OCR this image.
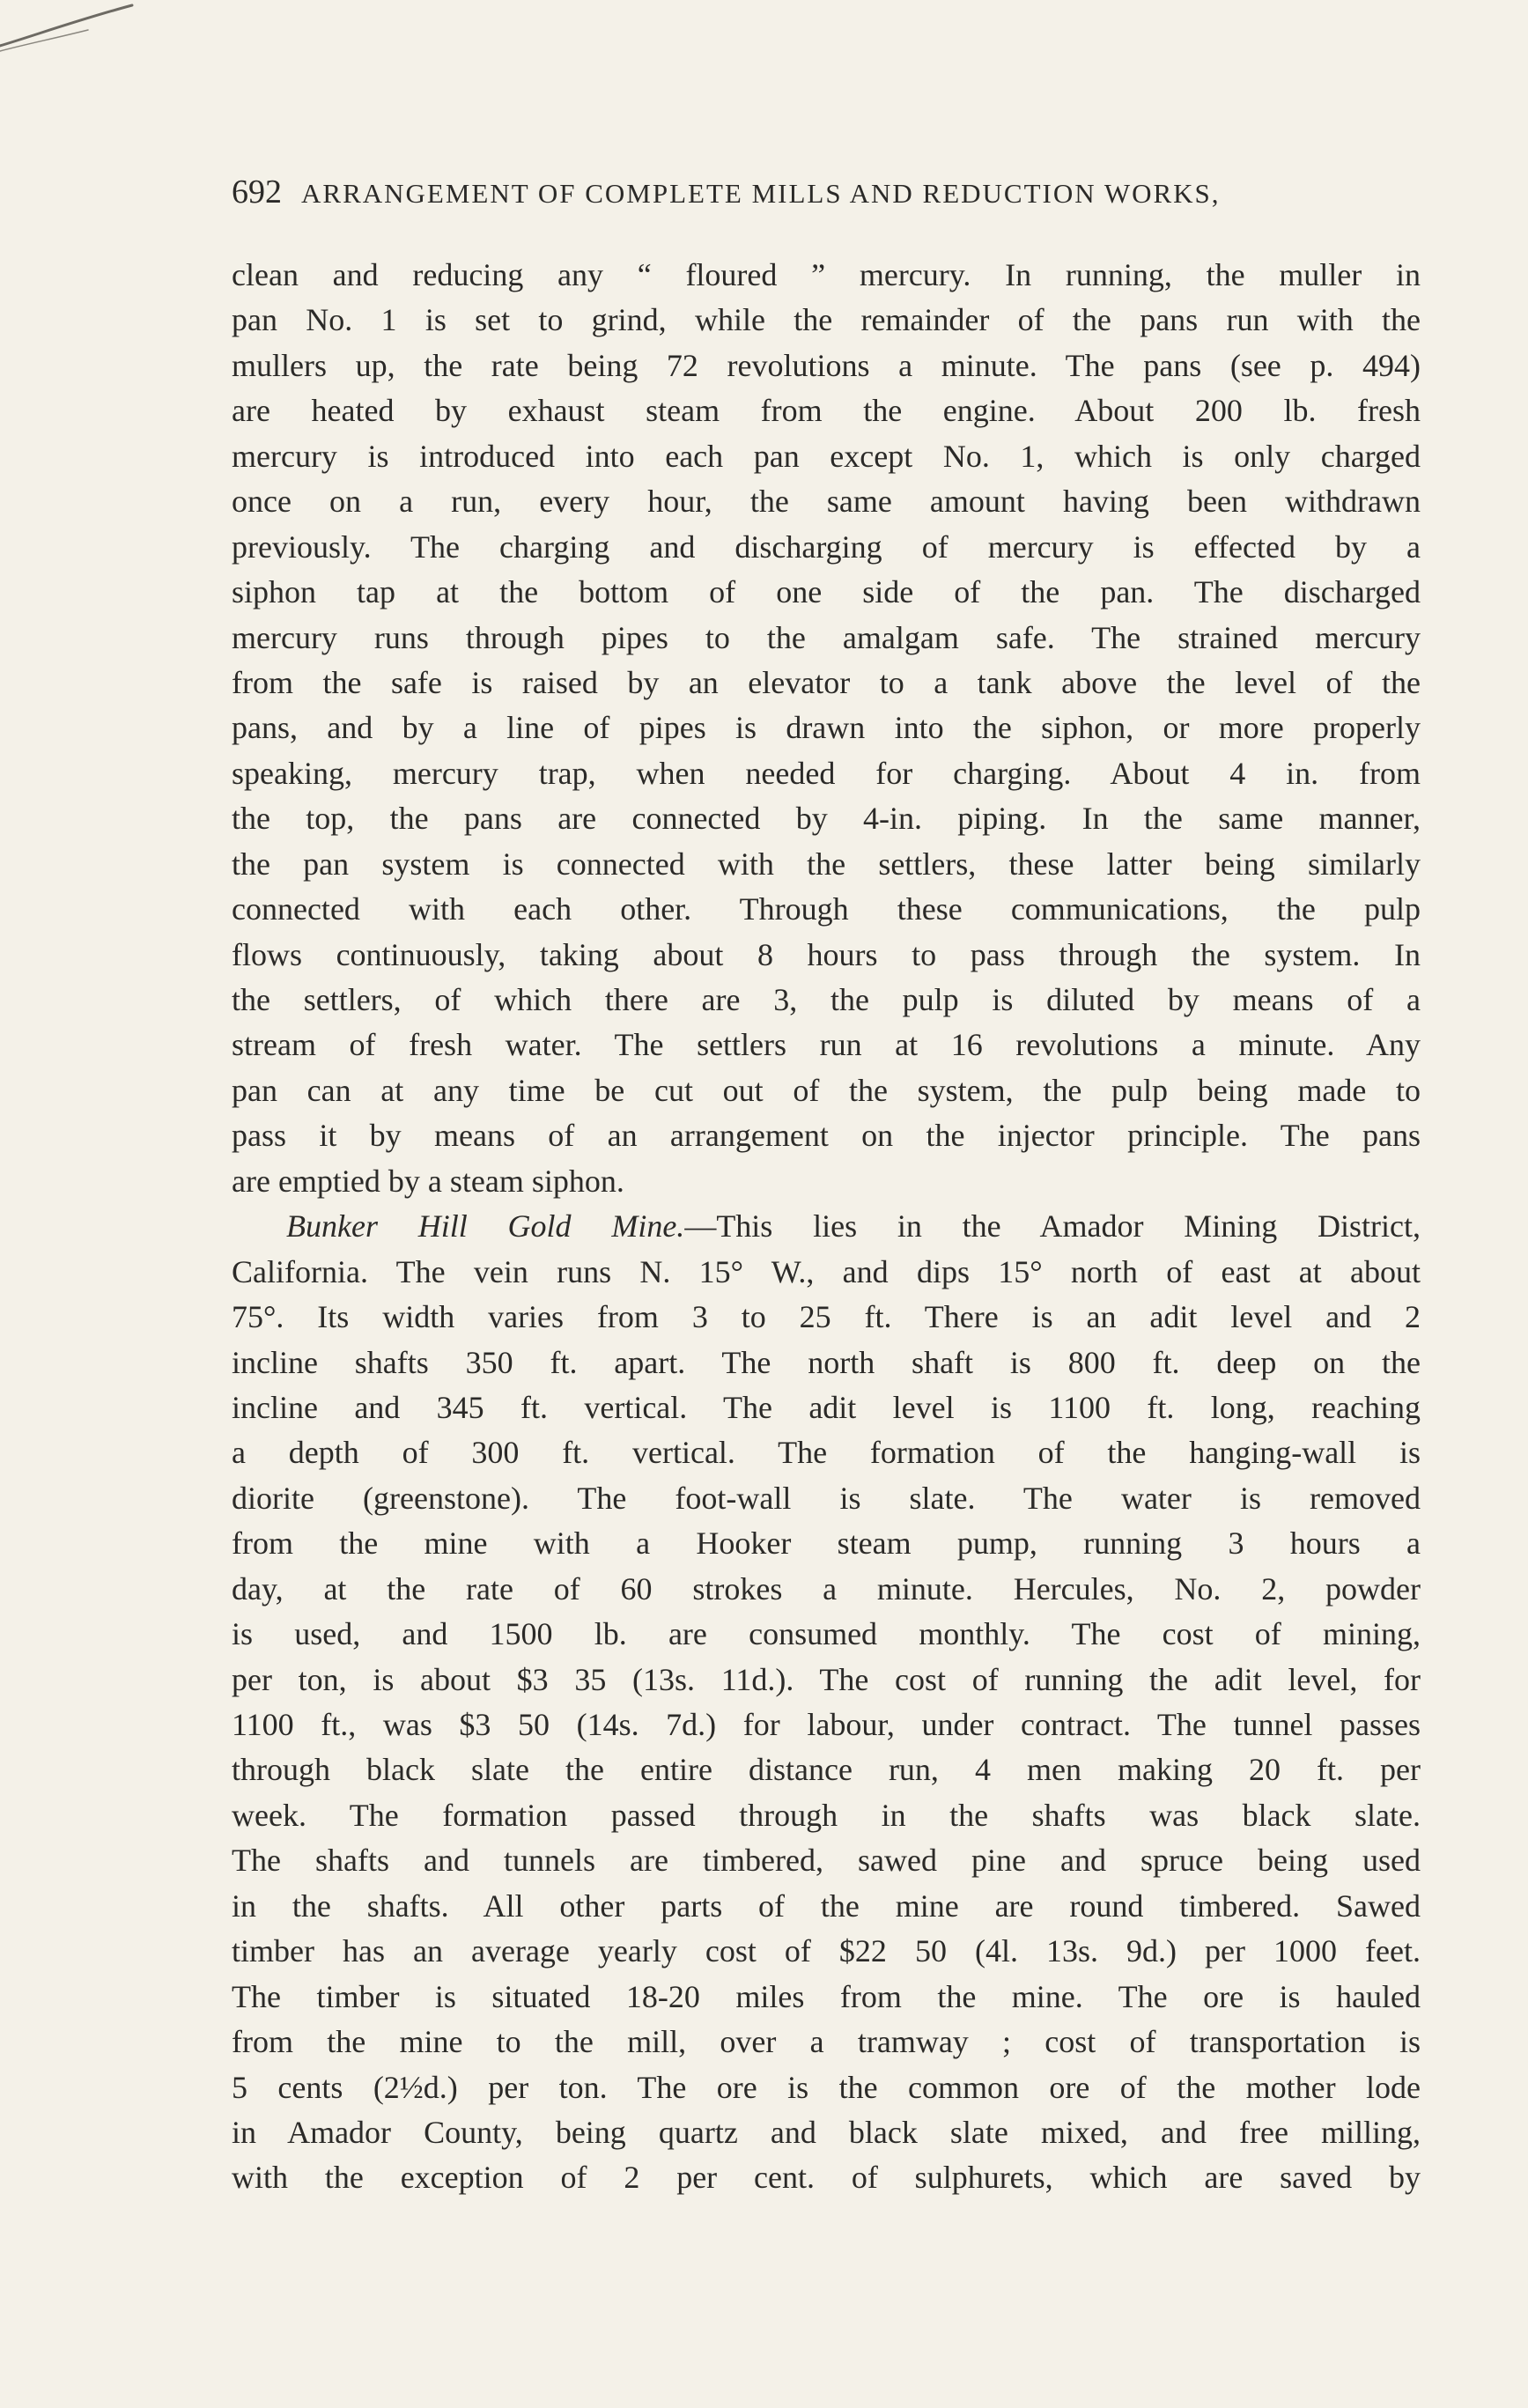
692 ARRANGEMENT OF COMPLETE MILLS AND REDUCTION WORKS,
clean and reducing any “ floured ” mercury. In running, the muller in
pan No. 1 is set to grind, while the remainder of the pans run with the
mullers up, the rate being 72 revolutions a minute. The pans (see p. 494)
are heated by exhaust steam from the engine. About 200 lb. fresh
mercury is introduced into each pan except No. 1, which is only charged
once on a run, every hour, the same amount having been withdrawn
previously. The charging and discharging of mercury is effected by a
siphon tap at the bottom of one side of the pan. The discharged
mercury runs through pipes to the amalgam safe. The strained mercury
from the safe is raised by an elevator to a tank above the level of the
pans, and by a line of pipes is drawn into the siphon, or more properly
speaking, mercury trap, when needed for charging. About 4 in. from
the top, the pans are connected by 4-in. piping. In the same manner,
the pan system is connected with the settlers, these latter being similarly
connected with each other. Through these communications, the pulp
flows continuously, taking about 8 hours to pass through the system. In
the settlers, of which there are 3, the pulp is diluted by means of a
stream of fresh water. The settlers run at 16 revolutions a minute. Any
pan can at any time be cut out of the system, the pulp being made to
pass it by means of an arrangement on the injector principle. The pans
are emptied by a steam siphon.
Bunker Hill Gold Mine.—This lies in the Amador Mining District,
California. The vein runs N. 15° W., and dips 15° north of east at about
75°. Its width varies from 3 to 25 ft. There is an adit level and 2
incline shafts 350 ft. apart. The north shaft is 800 ft. deep on the
incline and 345 ft. vertical. The adit level is 1100 ft. long, reaching
a depth of 300 ft. vertical. The formation of the hanging-wall is
diorite (greenstone). The foot-wall is slate. The water is removed
from the mine with a Hooker steam pump, running 3 hours a
day, at the rate of 60 strokes a minute. Hercules, No. 2, powder
is used, and 1500 lb. are consumed monthly. The cost of mining,
per ton, is about $3 35 (13s. 11d.). The cost of running the adit level, for
1100 ft., was $3 50 (14s. 7d.) for labour, under contract. The tunnel passes
through black slate the entire distance run, 4 men making 20 ft. per
week. The formation passed through in the shafts was black slate.
The shafts and tunnels are timbered, sawed pine and spruce being used
in the shafts. All other parts of the mine are round timbered. Sawed
timber has an average yearly cost of $22 50 (4l. 13s. 9d.) per 1000 feet.
The timber is situated 18-20 miles from the mine. The ore is hauled
from the mine to the mill, over a tramway ; cost of transportation is
5 cents (2½d.) per ton. The ore is the common ore of the mother lode
in Amador County, being quartz and black slate mixed, and free milling,
with the exception of 2 per cent. of sulphurets, which are saved by
